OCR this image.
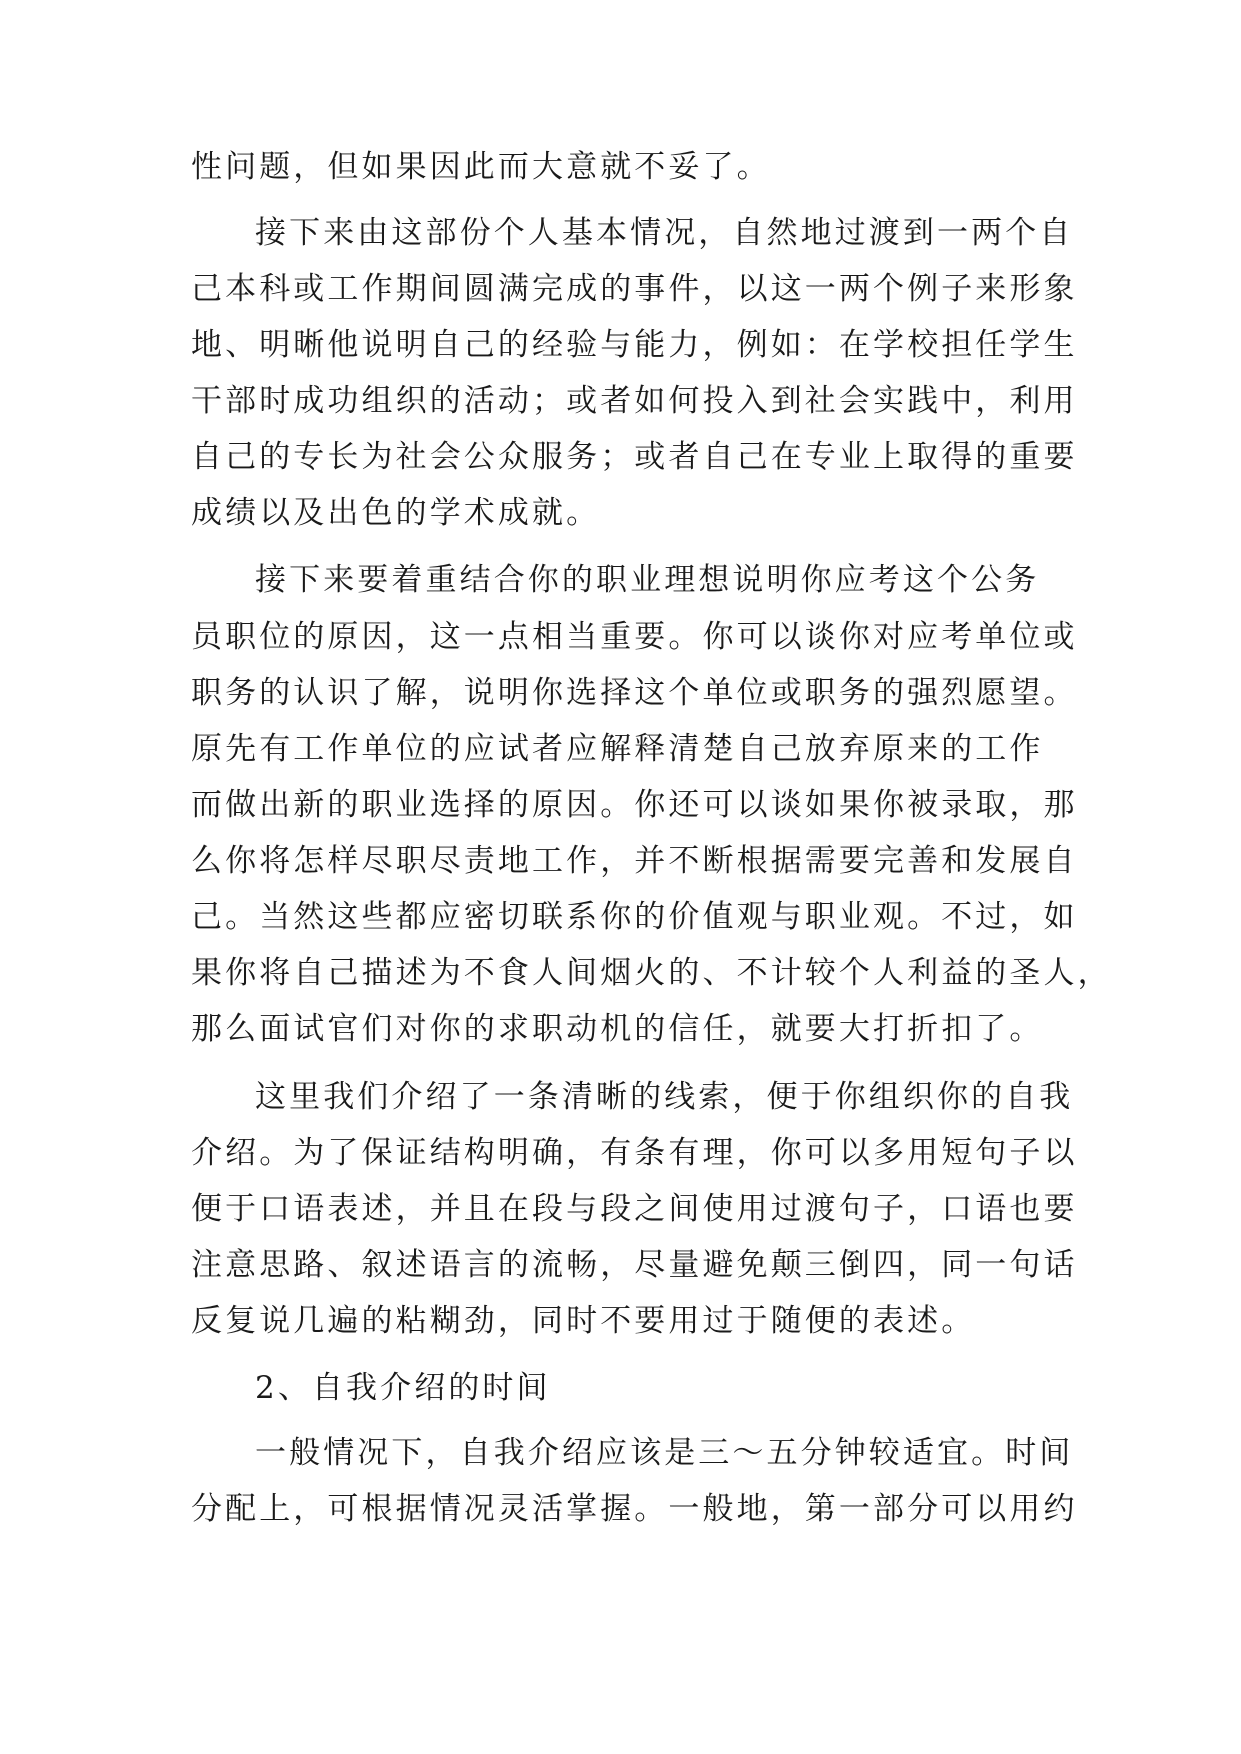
性问题，但如果因此而大意就不妥了。
接下来由这部份个人基本情况，自然地过渡到一两个自
己本科或工作期间圆满完成的事件，以这一两个例子来形象
地、明晰他说明自己的经验与能力，例如：在学校担任学生
干部时成功组织的活动；或者如何投入到社会实践中，利用
自己的专长为社会公众服务；或者自己在专业上取得的重要
成绩以及出色的学术成就。
接下来要着重结合你的职业理想说明你应考这个公务
员职位的原因，这一点相当重要。你可以谈你对应考单位或
职务的认识了解，说明你选择这个单位或职务的强烈愿望。
原先有工作单位的应试者应解释清楚自己放弃原来的工作
而做出新的职业选择的原因。你还可以谈如果你被录取，那
么你将怎样尽职尽责地工作，并不断根据需要完善和发展自
己。当然这些都应密切联系你的价值观与职业观。不过，如
果你将自己描述为不食人间烟火的、不计较个人利益的圣人，
那么面试官们对你的求职动机的信任，就要大打折扣了。
这里我们介绍了一条清晰的线索，便于你组织你的自我
介绍。为了保证结构明确，有条有理，你可以多用短句子以
便于口语表述，并且在段与段之间使用过渡句子，口语也要
注意思路、叙述语言的流畅，尽量避免颠三倒四，同一句话
反复说几遍的粘糊劲，同时不要用过于随便的表述。
2、自我介绍的时间
一般情况下，自我介绍应该是三～五分钟较适宜。时间
分配上，可根据情况灵活掌握。一般地，第一部分可以用约
